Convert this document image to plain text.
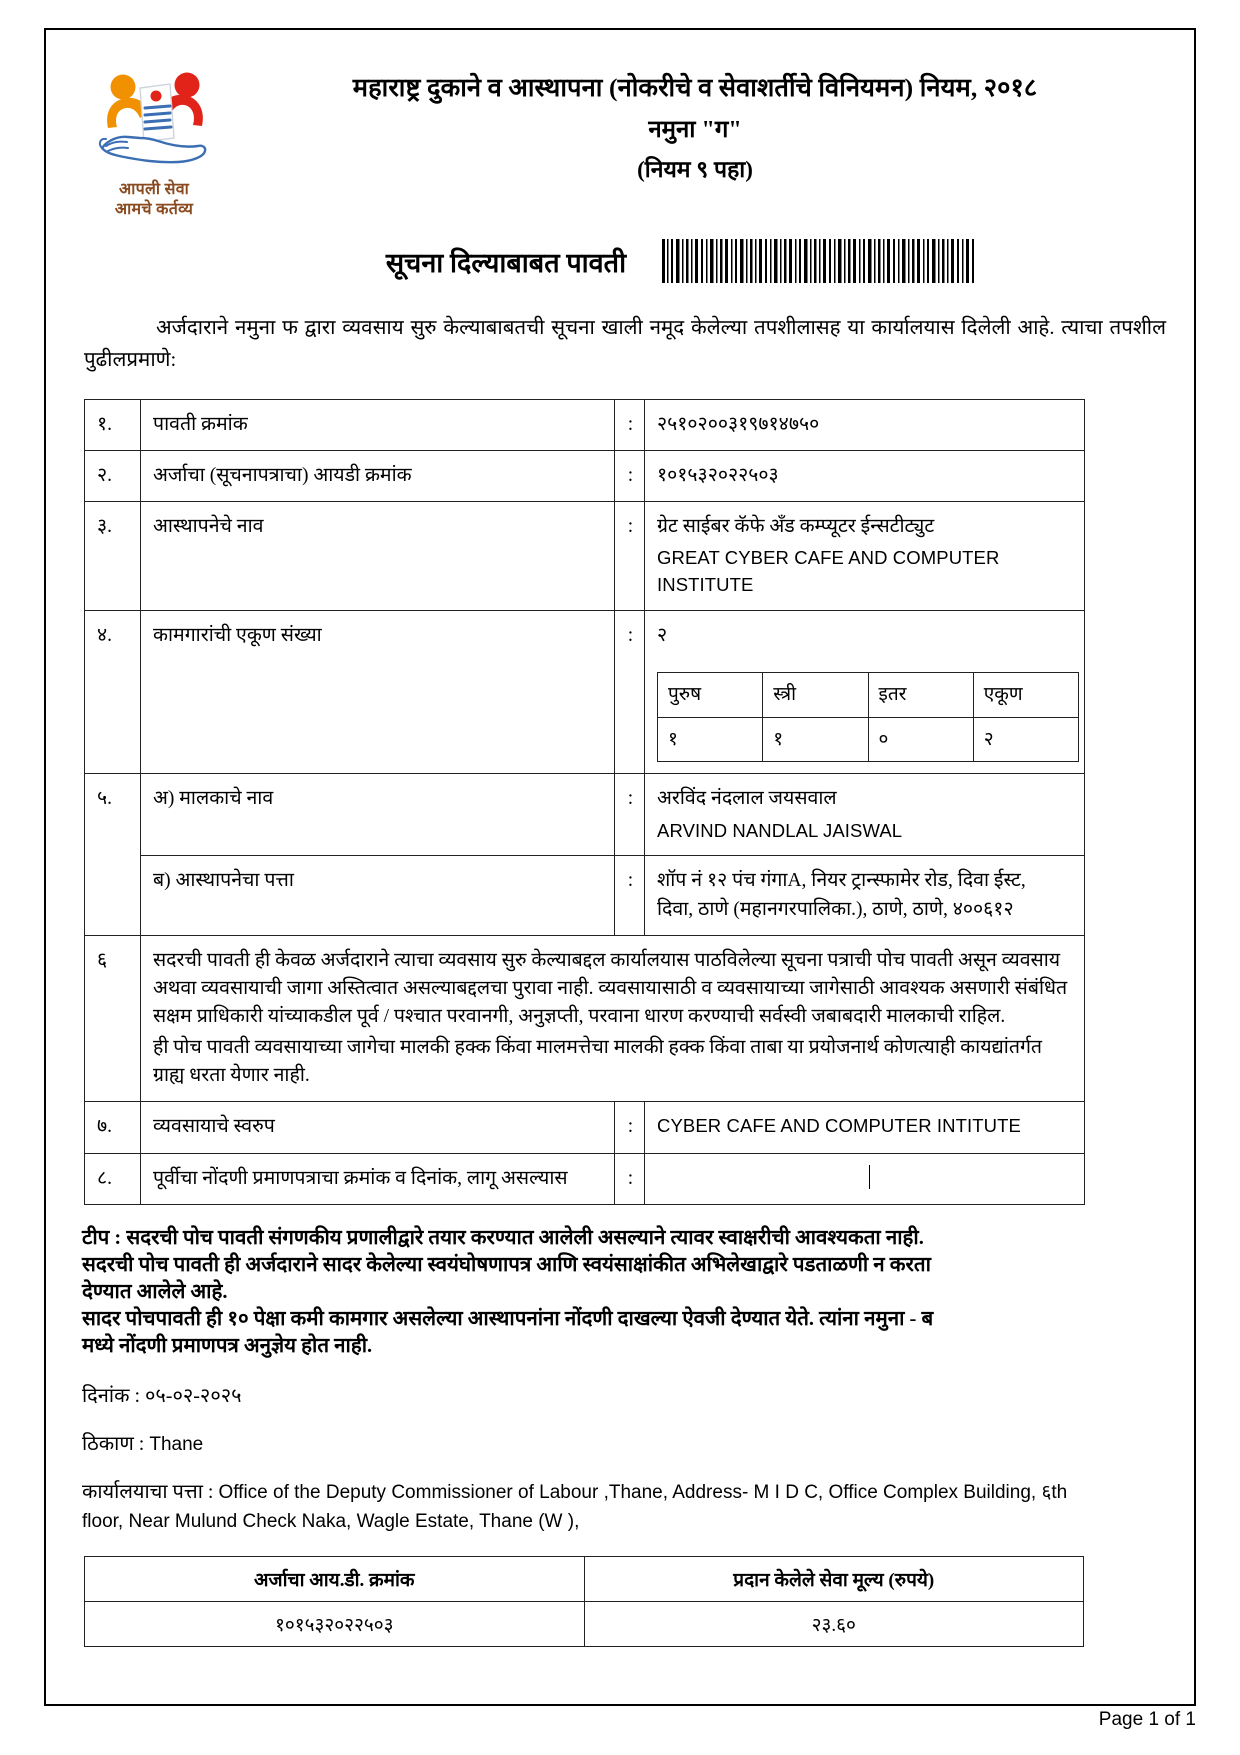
आपली सेवा
आमचे कर्तव्य
महाराष्ट्र दुकाने व आस्थापना (नोकरीचे व सेवाशर्तीचे विनियमन) नियम, २०१८
नमुना "ग"
(नियम ९ पहा)
सूचना दिल्याबाबत पावती
अर्जदाराने नमुना फ द्वारा व्यवसाय सुरु केल्याबाबतची सूचना खाली नमूद केलेल्या तपशीलासह या कार्यालयास दिलेली आहे. त्याचा तपशील पुढीलप्रमाणे:
१.	पावती क्रमांक	:	२५१०२००३१९७१४७५०
२.	अर्जाचा (सूचनापत्राचा) आयडी क्रमांक	:	१०१५३२०२२५०३
३.	आस्थापनेचे नाव	:	ग्रेट साईबर कॅफे अँड कम्प्यूटर ईन्सटीट्युट
GREAT CYBER CAFE AND COMPUTER INSTITUTE

४.	कामगारांची एकूण संख्या	:	२
पुरुष	स्त्री	इतर	एकूण
१	१	०	२

५.	अ) मालकाचे नाव	:	अरविंद नंदलाल जयसवाल
ARVIND NANDLAL JAISWAL

ब) आस्थापनेचा पत्ता	:	शॉप नं १२ पंच गंगाA, नियर ट्रान्स्फामेर रोड, दिवा ईस्ट,
दिवा, ठाणे (महानगरपालिका.), ठाणे, ठाणे, ४००६१२

६	सदरची पावती ही केवळ अर्जदाराने त्याचा व्यवसाय सुरु केल्याबद्दल कार्यालयास पाठविलेल्या सूचना पत्राची पोच पावती असून व्यवसाय अथवा व्यवसायाची जागा अस्तित्वात असल्याबद्दलचा पुरावा नाही. व्यवसायासाठी व व्यवसायाच्या जागेसाठी आवश्यक असणारी संबंधित सक्षम प्राधिकारी यांच्याकडील पूर्व / पश्चात परवानगी, अनुज्ञप्ती, परवाना धारण करण्याची सर्वस्वी जबाबदारी मालकाची राहिल.

ही पोच पावती व्यवसायाच्या जागेचा मालकी हक्क किंवा मालमत्तेचा मालकी हक्क किंवा ताबा या प्रयोजनार्थ कोणत्याही कायद्यांतर्गत ग्राह्य धरता येणार नाही.

७.	व्यवसायाचे स्वरुप	:	CYBER CAFE AND COMPUTER INTITUTE

८.	पूर्वीचा नोंदणी प्रमाणपत्राचा क्रमांक व दिनांक, लागू असल्यास	:	

टीप : सदरची पोच पावती संगणकीय प्रणालीद्वारे तयार करण्यात आलेली असल्याने त्यावर स्वाक्षरीची आवश्यकता नाही.

सदरची पोच पावती ही अर्जदाराने सादर केलेल्या स्वयंघोषणापत्र आणि स्वयंसाक्षांकीत अभिलेखाद्वारे पडताळणी न करता

देण्यात आलेले आहे.

सादर पोचपावती ही १० पेक्षा कमी कामगार असलेल्या आस्थापनांना नोंदणी दाखल्या ऐवजी देण्यात येते. त्यांना नमुना - ब

मध्ये नोंदणी प्रमाणपत्र अनुज्ञेय होत नाही.

दिनांक : ०५-०२-२०२५
ठिकाण : Thane
कार्यालयाचा पत्ता : Office of the Deputy Commissioner of Labour ,Thane, Address- M I D C, Office Complex Building, ६th floor, Near Mulund Check Naka, Wagle Estate, Thane (W ),
अर्जाचा आय.डी. क्रमांक	प्रदान केलेले सेवा मूल्य (रुपये)
१०१५३२०२२५०३	२३.६०
Page 1 of 1
